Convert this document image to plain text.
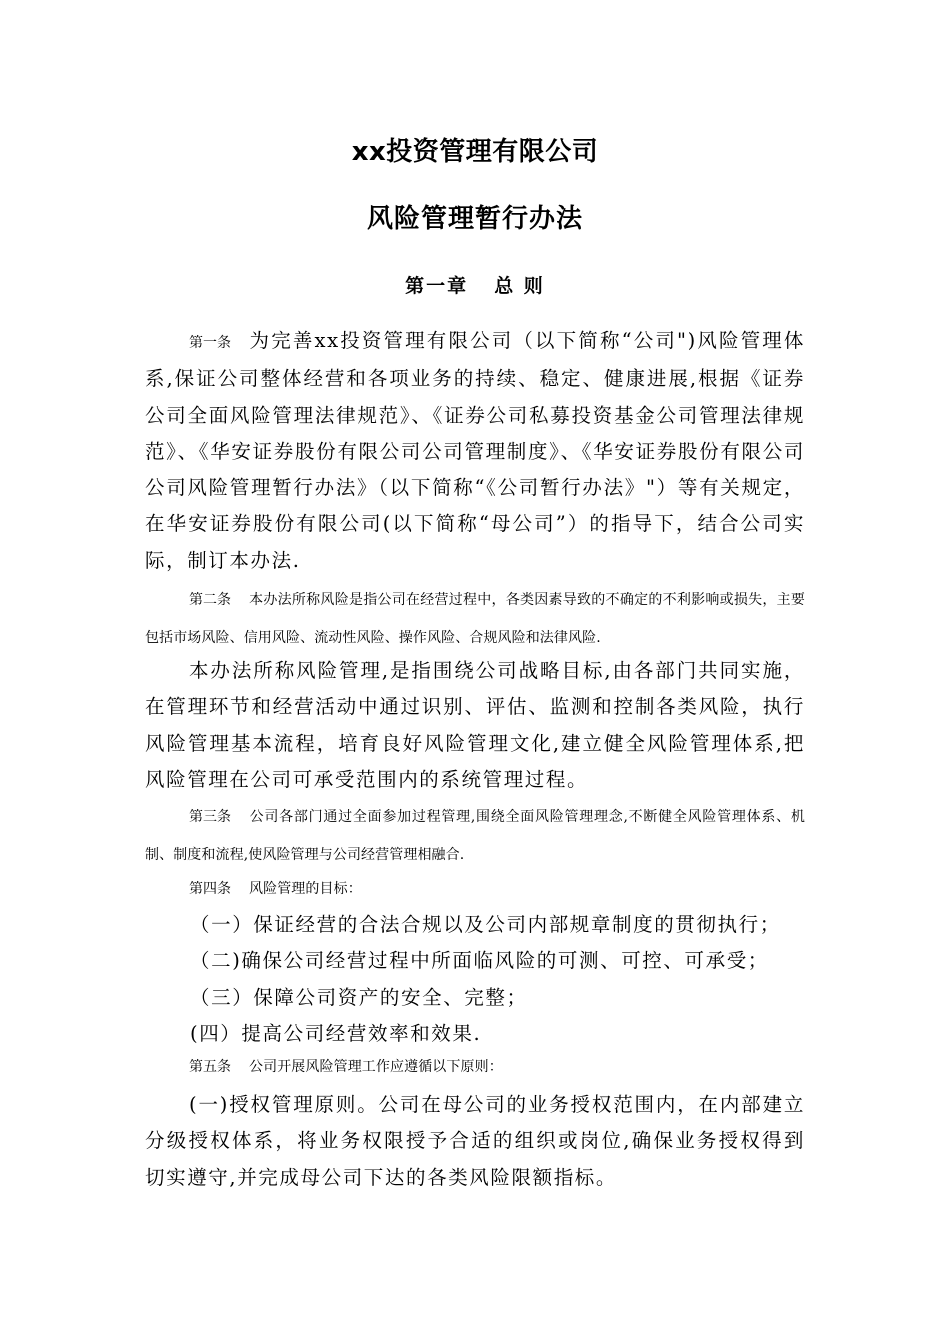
xx投资管理有限公司
风险管理暂行办法
第一章 总 则

第一条 为完善xx投资管理有限公司（以下简称“公司")风险管理体系,保证公司整体经营和各项业务的持续、稳定、健康进展,根据《证券公司全面风险管理法律规范》、《证券公司私募投资基金公司管理法律规范》、《华安证券股份有限公司公司管理制度》、《华安证券股份有限公司公司风险管理暂行办法》（以下简称“《公司暂行办法》"）等有关规定，在华安证券股份有限公司(以下简称“母公司”）的指导下，结合公司实际，制订本办法.

第二条 本办法所称风险是指公司在经营过程中，各类因素导致的不确定的不利影响或损失，主要包括市场风险、信用风险、流动性风险、操作风险、合规风险和法律风险.

本办法所称风险管理,是指围绕公司战略目标,由各部门共同实施，在管理环节和经营活动中通过识别、评估、监测和控制各类风险，执行风险管理基本流程，培育良好风险管理文化,建立健全风险管理体系,把风险管理在公司可承受范围内的系统管理过程。

第三条 公司各部门通过全面参加过程管理,围绕全面风险管理理念,不断健全风险管理体系、机制、制度和流程,使风险管理与公司经营管理相融合.

第四条 风险管理的目标：

（一）保证经营的合法合规以及公司内部规章制度的贯彻执行；

（二)确保公司经营过程中所面临风险的可测、可控、可承受；

（三）保障公司资产的安全、完整；

(四）提高公司经营效率和效果.

第五条 公司开展风险管理工作应遵循以下原则：

(一)授权管理原则。公司在母公司的业务授权范围内，在内部建立分级授权体系，将业务权限授予合适的组织或岗位,确保业务授权得到切实遵守,并完成母公司下达的各类风险限额指标。
